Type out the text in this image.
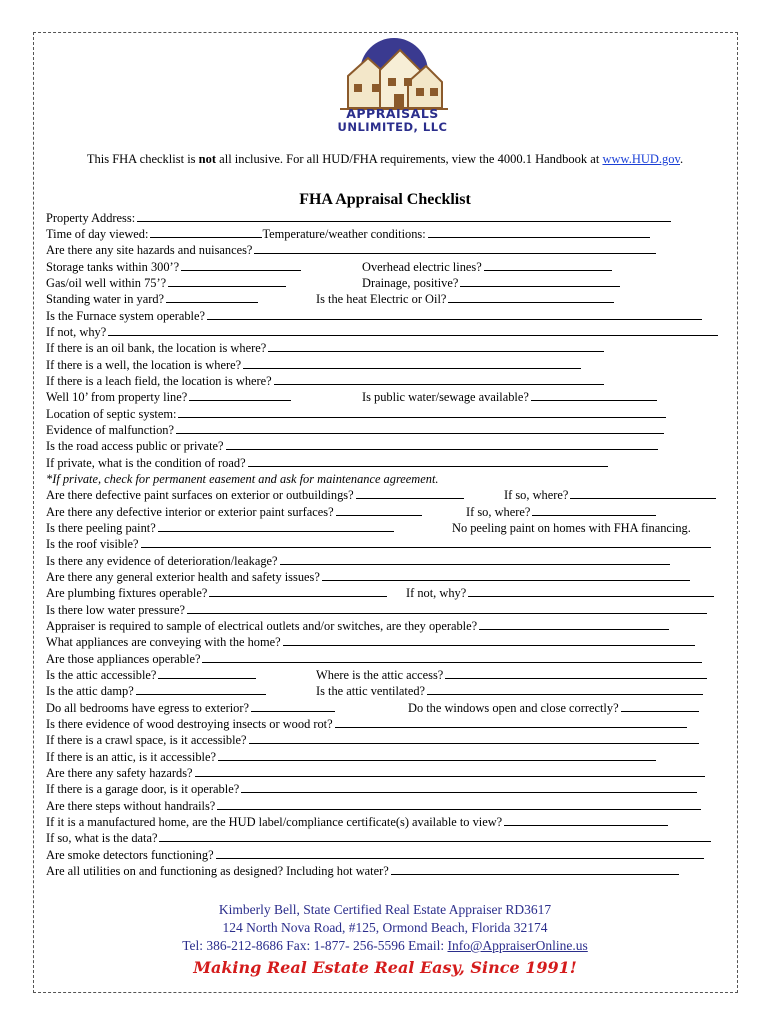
APPRAISALS
UNLIMITED, LLC
This FHA checklist is not all inclusive. For all HUD/FHA requirements, view the 4000.1 Handbook at www.HUD.gov.
FHA Appraisal Checklist
Property Address:
Time of day viewed:	Temperature/weather conditions:
Are there any site hazards and nuisances?
Storage tanks within 300’?	Overhead electric lines?
Gas/oil well within 75’?	Drainage, positive?
Standing water in yard?	Is the heat Electric or Oil?
Is the Furnace system operable?
If not, why?
If there is an oil bank, the location is where?
If there is a well, the location is where?
If there is a leach field, the location is where?
Well 10’ from property line?	Is public water/sewage available?
Location of septic system:
Evidence of malfunction?
Is the road access public or private?
If private, what is the condition of road?
*If private, check for permanent easement and ask for maintenance agreement.
Are there defective paint surfaces on exterior or outbuildings?	If so, where?
Are there any defective interior or exterior paint surfaces?	If so, where?
Is there peeling paint?	No peeling paint on homes with FHA financing.
Is the roof visible?
Is there any evidence of deterioration/leakage?
Are there any general exterior health and safety issues?
Are plumbing fixtures operable?	If not, why?
Is there low water pressure?
Appraiser is required to sample of electrical outlets and/or switches, are they operable?
What appliances are conveying with the home?
Are those appliances operable?
Is the attic accessible?	Where is the attic access?
Is the attic damp?	Is the attic ventilated?
Do all bedrooms have egress to exterior?	Do the windows open and close correctly?
Is there evidence of wood destroying insects or wood rot?
If there is a crawl space, is it accessible?
If there is an attic, is it accessible?
Are there any safety hazards?
If there is a garage door, is it operable?
Are there steps without handrails?
If it is a manufactured home, are the HUD label/compliance certificate(s) available to view?
If so, what is the data?
Are smoke detectors functioning?
Are all utilities on and functioning as designed? Including hot water?
Kimberly Bell, State Certified Real Estate Appraiser RD3617
124 North Nova Road, #125, Ormond Beach, Florida 32174
Tel: 386-212-8686 Fax: 1-877- 256-5596 Email: Info@AppraiserOnline.us
Making Real Estate Real Easy, Since 1991!
